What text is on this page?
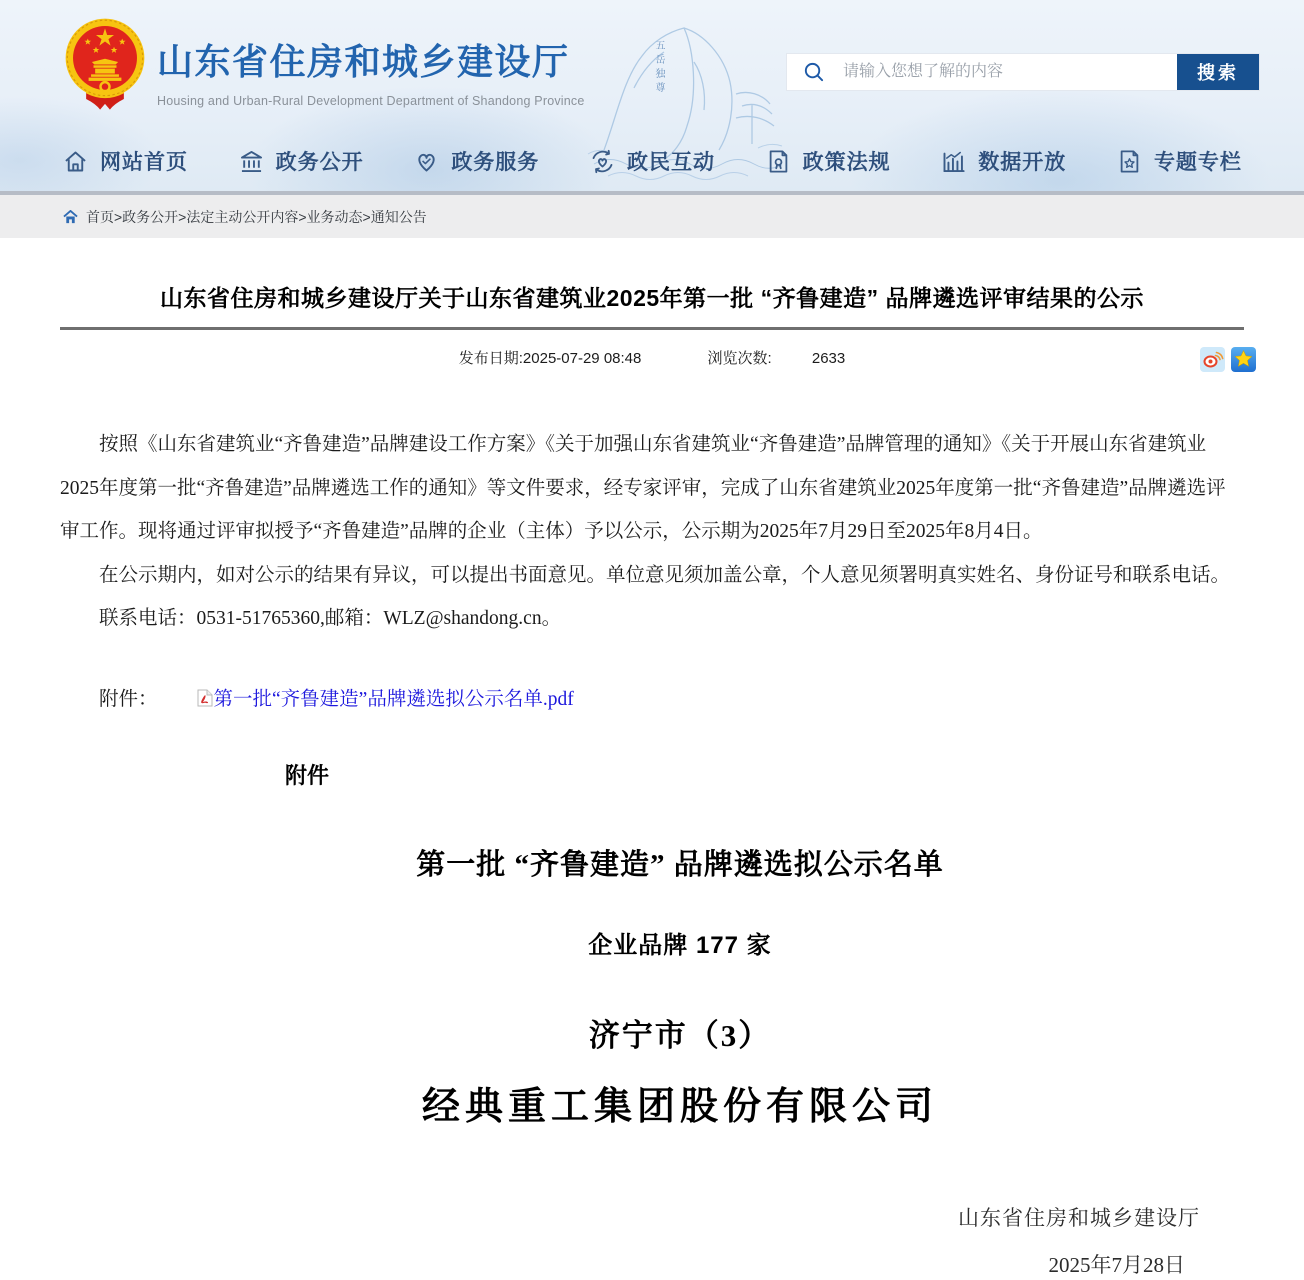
山东省住房和城乡建设厅
Housing and Urban-Rural Development Department of Shandong Province
五岳独尊
请输入您想了解的内容	搜索
网站首页	政务公开	政务服务	政民互动	政策法规	数据开放	专题专栏
首页>政务公开>法定主动公开内容>业务动态>通知公告
山东省住房和城乡建设厅关于山东省建筑业2025年第一批 “齐鲁建造” 品牌遴选评审结果的公示
发布日期:2025-07-29 08:48	浏览次数:	2633

按照《山东省建筑业“齐鲁建造”品牌建设工作方案》《关于加强山东省建筑业“齐鲁建造”品牌管理的通知》《关于开展山东省建筑业2025年度第一批“齐鲁建造”品牌遴选工作的通知》等文件要求，经专家评审，完成了山东省建筑业2025年度第一批“齐鲁建造”品牌遴选评审工作。现将通过评审拟授予“齐鲁建造”品牌的企业（主体）予以公示，公示期为2025年7月29日至2025年8月4日。

在公示期内，如对公示的结果有异议，可以提出书面意见。单位意见须加盖公章，个人意见须署明真实姓名、身份证号和联系电话。

联系电话：0531-51765360,邮箱：WLZ@shandong.cn。

附件：	第一批“齐鲁建造”品牌遴选拟公示名单.pdf
附件
第一批 “齐鲁建造” 品牌遴选拟公示名单
企业品牌 177 家
济宁市（3）
经典重工集团股份有限公司
山东省住房和城乡建设厅
2025年7月28日
